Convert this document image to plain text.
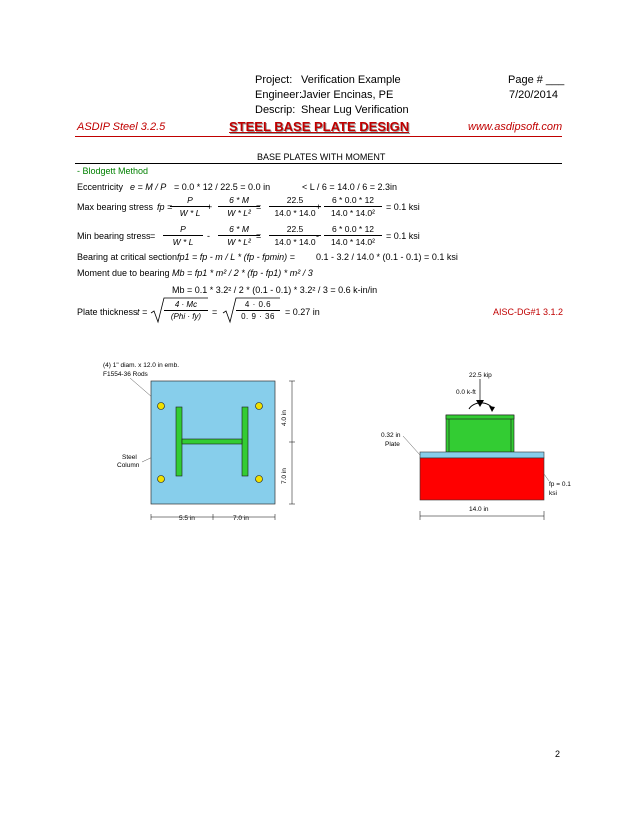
Project: Verification Example	Page # ___
Engineer:
Javier Encinas, PE	7/20/2014
Descrip: Shear Lug Verification
ASDIP Steel 3.2.5	STEEL BASE PLATE DESIGN	www.asdipsoft.com
BASE PLATES WITH MOMENT
- Blodgett Method
Eccentricity e = M / P = 0.0 * 12 / 22.5 = 0.0 in	< L / 6 = 14.0 / 6 = 2.3in
Max bearing stress fp =
$\frac{P}{W * L}$
+ $\frac{6 * M}{\text{W * L²}}$
= $\frac{22.5}{14.0 * 14.0}$
+ $\frac{6 * 0.0 * 12}{\text{14.0 * 14.0²}} = 0.1$ ksi
Min bearing stress = $\frac{P}{W * L} - \frac{6 * M}{\text{W * L²}}$
= $\frac{22.5}{14.0 * 14.0}$
- $\frac{6 * 0.0 * 12}{\text{14.0 * 14.0²}} = 0.1$ ksi
Bearing at critical section fp1 = fp - m / L * (fp - fpmin) = 0.1 - 3.2 / 14.0 * (0.1 - 0.1) = 0.1 ksi
Moment due to bearing Mb = fp1 * m² / 2 * (fp - fp1) * m² / 3
Mb = 0.1 * 3.2² / 2 * (0.1 - 0.1) * 3.2² / 3 = 0.6 k-in/in
Plate thickness t =
4 · Mc
(Phi · fy)	= $\frac{4 \cdot 0.6}{0. 9 \cdot 36} = 0.27$ in	AISC-DG#1 3.1.2
(4) 1" diam. x 12.0 in emb.
F1554-36 Rods
Steel
Column
4.0 in
7.0 in
5.5 in	7.0 in
22.5 kip
0.0 k-ft
0.32 in
Plate
fp = 0.1
ksi
14.0 in
2
